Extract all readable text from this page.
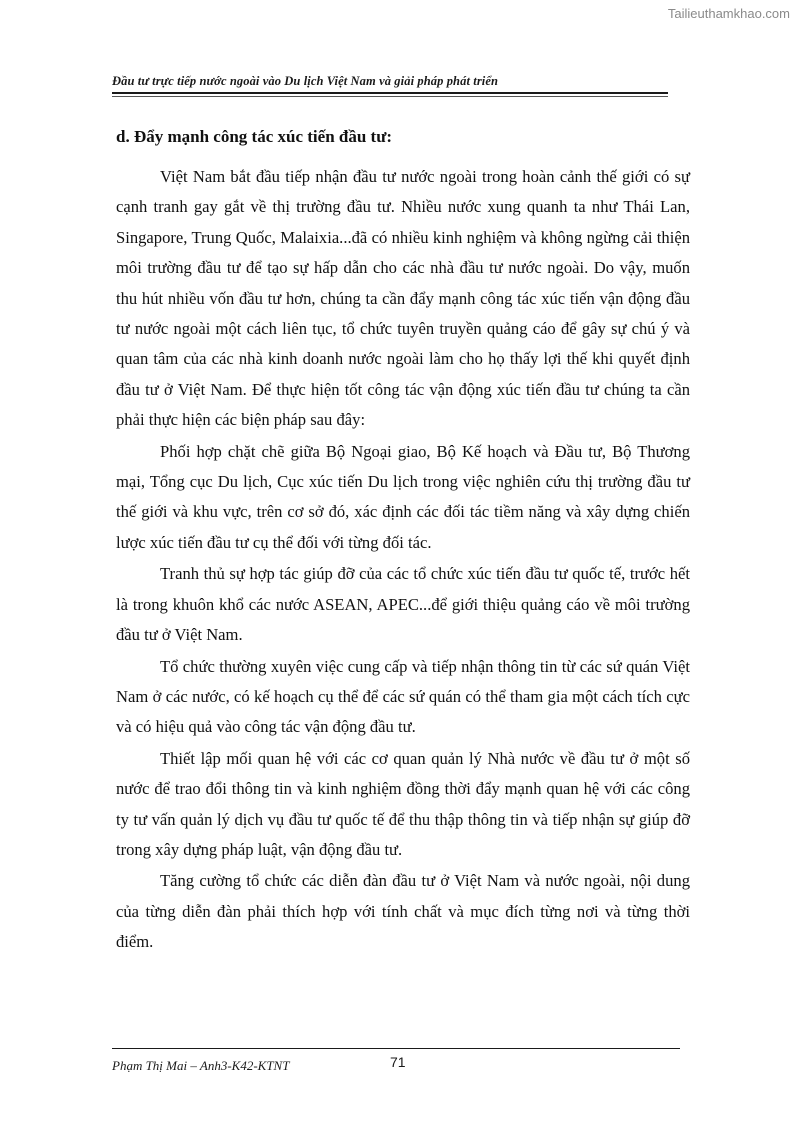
Tailieuthamkhao.com
Đầu tư trực tiếp nước ngoài vào Du lịch Việt Nam và giải pháp phát triển
d. Đẩy mạnh công tác xúc tiến đầu tư:

Việt Nam bắt đầu tiếp nhận đầu tư nước ngoài trong hoàn cảnh thế giới có sự cạnh tranh gay gắt về thị trường đầu tư. Nhiều nước xung quanh ta như Thái Lan, Singapore, Trung Quốc, Malaixia...đã có nhiều kinh nghiệm và không ngừng cải thiện môi trường đầu tư để tạo sự hấp dẫn cho các nhà đầu tư nước ngoài. Do vậy, muốn thu hút nhiều vốn đầu tư hơn, chúng ta cần đẩy mạnh công tác xúc tiến vận động đầu tư nước ngoài một cách liên tục, tổ chức tuyên truyền quảng cáo để gây sự chú ý và quan tâm của các nhà kinh doanh nước ngoài làm cho họ thấy lợi thế khi quyết định đầu tư ở Việt Nam. Để thực hiện tốt công tác vận động xúc tiến đầu tư chúng ta cần phải thực hiện các biện pháp sau đây:

Phối hợp chặt chẽ giữa Bộ Ngoại giao, Bộ Kế hoạch và Đầu tư, Bộ Thương mại, Tổng cục Du lịch, Cục xúc tiến Du lịch trong việc nghiên cứu thị trường đầu tư thế giới và khu vực, trên cơ sở đó, xác định các đối tác tiềm năng và xây dựng chiến lược xúc tiến đầu tư cụ thể đối với từng đối tác.

Tranh thủ sự hợp tác giúp đỡ của các tổ chức xúc tiến đầu tư quốc tế, trước hết là trong khuôn khổ các nước ASEAN, APEC...để giới thiệu quảng cáo về môi trường đầu tư ở Việt Nam.

Tổ chức thường xuyên việc cung cấp và tiếp nhận thông tin từ các sứ quán Việt Nam ở các nước, có kế hoạch cụ thể để các sứ quán có thể tham gia một cách tích cực và có hiệu quả vào công tác vận động đầu tư.

Thiết lập mối quan hệ với các cơ quan quản lý Nhà nước về đầu tư ở một số nước để trao đổi thông tin và kinh nghiệm đồng thời đẩy mạnh quan hệ với các công ty tư vấn quản lý dịch vụ đầu tư quốc tế để thu thập thông tin và tiếp nhận sự giúp đỡ trong xây dựng pháp luật, vận động đầu tư.

Tăng cường tổ chức các diễn đàn đầu tư ở Việt Nam và nước ngoài, nội dung của từng diễn đàn phải thích hợp với tính chất và mục đích từng nơi và từng thời điểm.

Phạm Thị Mai – Anh3-K42-KTNT	71
